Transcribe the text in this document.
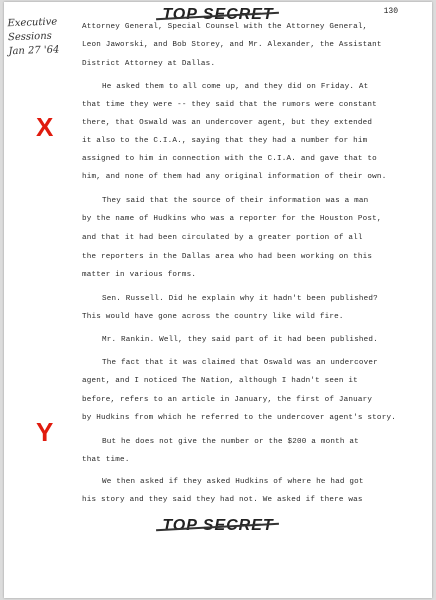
TOP SECRET	130
Executive
Sessions
Jan 27 '64
X
Y
Attorney General, Special Counsel with the Attorney General,
Leon Jaworski, and Bob Storey, and Mr. Alexander, the Assistant
District Attorney at Dallas.
He asked them to all come up, and they did on Friday. At
that time they were -- they said that the rumors were constant
there, that Oswald was an undercover agent, but they extended
it also to the C.I.A., saying that they had a number for him
assigned to him in connection with the C.I.A. and gave that to
him, and none of them had any original information of their own.
They said that the source of their information was a man
by the name of Hudkins who was a reporter for the Houston Post,
and that it had been circulated by a greater portion of all
the reporters in the Dallas area who had been working on this
matter in various forms.
Sen. Russell. Did he explain why it hadn't been published?
This would have gone across the country like wild fire.
Mr. Rankin. Well, they said part of it had been published.
The fact that it was claimed that Oswald was an undercover
agent, and I noticed The Nation, although I hadn't seen it
before, refers to an article in January, the first of January
by Hudkins from which he referred to the undercover agent's story.
But he does not give the number or the $200 a month at
that time.
We then asked if they asked Hudkins of where he had got
his story and they said they had not. We asked if there was
TOP SECRET
